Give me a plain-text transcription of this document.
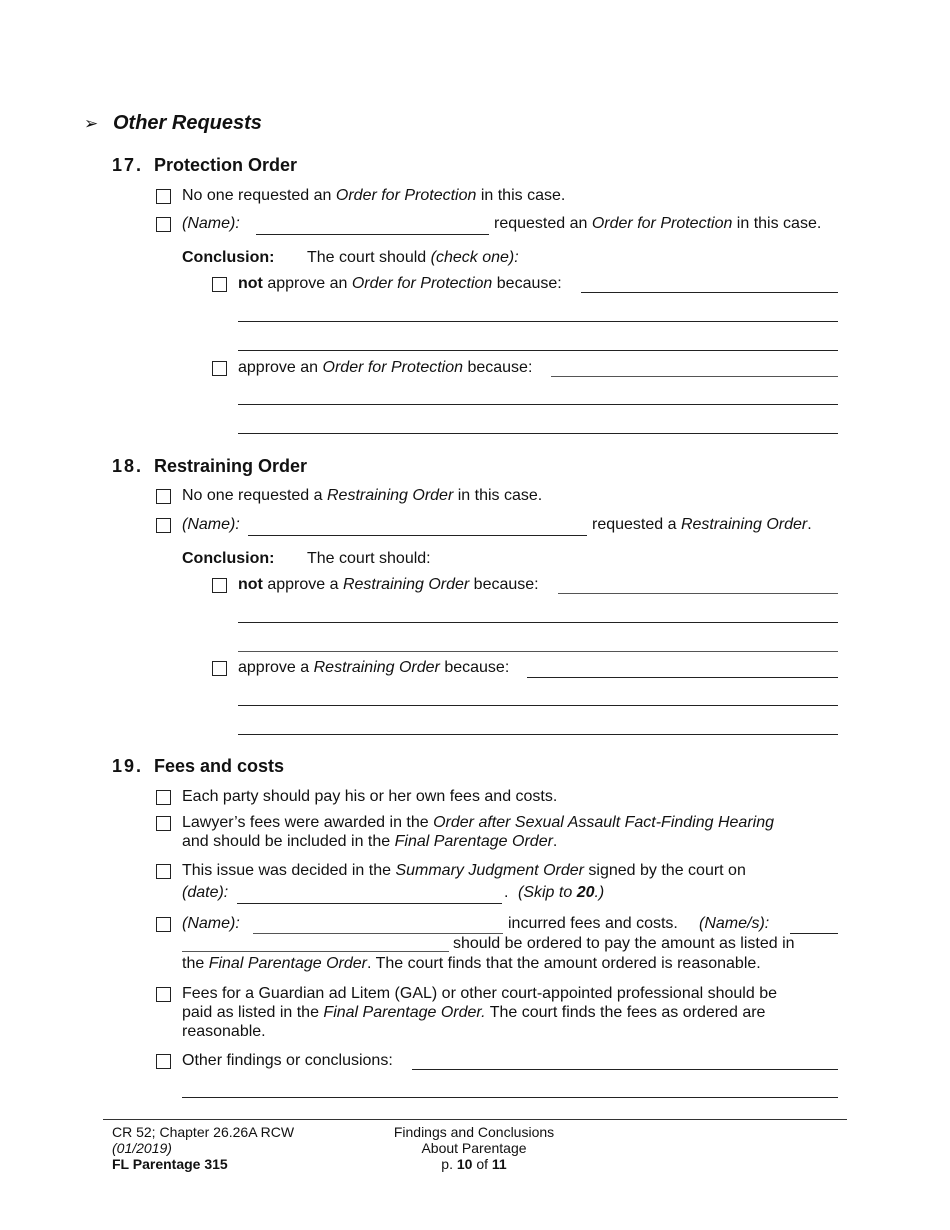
➢ Other Requests
17. Protection Order
No one requested an Order for Protection in this case.
(Name):	requested an Order for Protection in this case.
Conclusion: The court should (check one):
not approve an Order for Protection because:
approve an Order for Protection because:
18. Restraining Order
No one requested a Restraining Order in this case.
(Name):	requested a Restraining Order.
Conclusion: The court should:
not approve a Restraining Order because:
approve a Restraining Order because:
19. Fees and costs
Each party should pay his or her own fees and costs.
Lawyer’s fees were awarded in the Order after Sexual Assault Fact-Finding Hearing
and should be included in the Final Parentage Order.
This issue was decided in the Summary Judgment Order signed by the court on
(date):	. (Skip to 20.)
(Name):	incurred fees and costs. (Name/s):
should be ordered to pay the amount as listed in
the Final Parentage Order. The court finds that the amount ordered is reasonable.
Fees for a Guardian ad Litem (GAL) or other court-appointed professional should be
paid as listed in the Final Parentage Order. The court finds the fees as ordered are
reasonable.
Other findings or conclusions:
CR 52; Chapter 26.26A RCW
(01/2019)
FL Parentage 315
Findings and Conclusions
About Parentage
p. 10 of 11
